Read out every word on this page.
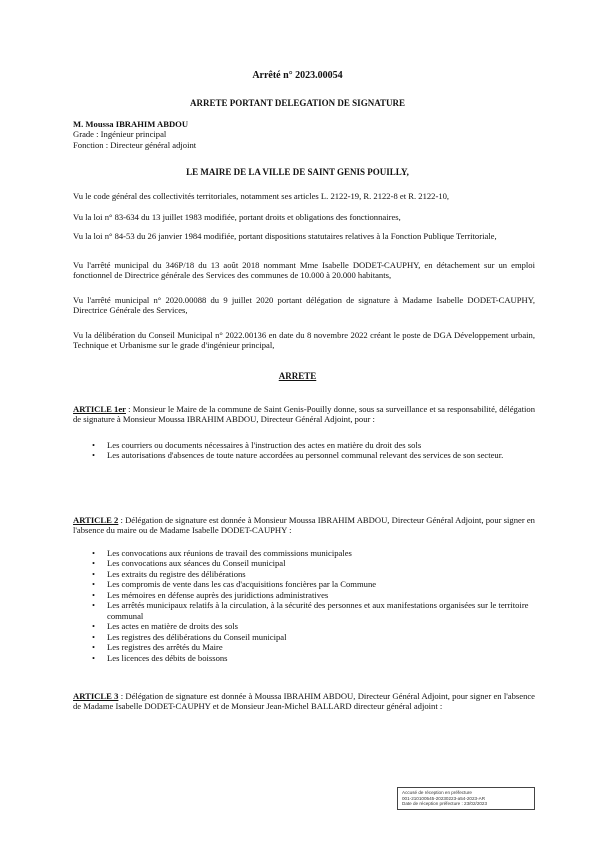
Arrêté n° 2023.00054
ARRETE PORTANT DELEGATION DE SIGNATURE
M. Moussa IBRAHIM ABDOU
Grade : Ingénieur principal
Fonction : Directeur général adjoint
LE MAIRE DE LA VILLE DE SAINT GENIS POUILLY,
Vu le code général des collectivités territoriales, notamment ses articles L. 2122-19, R. 2122-8 et R. 2122-10,
Vu la loi n° 83-634 du 13 juillet 1983 modifiée, portant droits et obligations des fonctionnaires,
Vu la loi n° 84-53 du 26 janvier 1984 modifiée, portant dispositions statutaires relatives à la Fonction Publique Territoriale,
Vu l'arrêté municipal du 346P/18 du 13 août 2018 nommant Mme Isabelle DODET-CAUPHY, en détachement sur un emploi fonctionnel de Directrice générale des Services des communes de 10.000 à 20.000 habitants,
Vu l'arrêté municipal n° 2020.00088 du 9 juillet 2020 portant délégation de signature à Madame Isabelle DODET-CAUPHY, Directrice Générale des Services,
Vu la délibération du Conseil Municipal n° 2022.00136 en date du 8 novembre 2022 créant le poste de DGA Développement urbain, Technique et Urbanisme sur le grade d'ingénieur principal,
ARRETE
ARTICLE 1er : Monsieur le Maire de la commune de Saint Genis-Pouilly donne, sous sa surveillance et sa responsabilité, délégation de signature à Monsieur Moussa IBRAHIM ABDOU, Directeur Général Adjoint, pour :
• Les courriers ou documents nécessaires à l'instruction des actes en matière du droit des sols
• Les autorisations d'absences de toute nature accordées au personnel communal relevant des services de son secteur.
ARTICLE 2 : Délégation de signature est donnée à Monsieur Moussa IBRAHIM ABDOU, Directeur Général Adjoint, pour signer en l'absence du maire ou de Madame Isabelle DODET-CAUPHY :
• Les convocations aux réunions de travail des commissions municipales
• Les convocations aux séances du Conseil municipal
• Les extraits du registre des délibérations
• Les compromis de vente dans les cas d'acquisitions foncières par la Commune
• Les mémoires en défense auprès des juridictions administratives
• Les arrêtés municipaux relatifs à la circulation, à la sécurité des personnes et aux manifestations organisées sur le territoire communal
• Les actes en matière de droits des sols
• Les registres des délibérations du Conseil municipal
• Les registres des arrêtés du Maire
• Les licences des débits de boissons
ARTICLE 3 : Délégation de signature est donnée à Moussa IBRAHIM ABDOU, Directeur Général Adjoint, pour signer en l'absence de Madame Isabelle DODET-CAUPHY et de Monsieur Jean-Michel BALLARD directeur général adjoint :
Accusé de réception en préfecture
001-210100545-20230223-a54-2023-AR
Date de réception préfecture : 23/02/2023
